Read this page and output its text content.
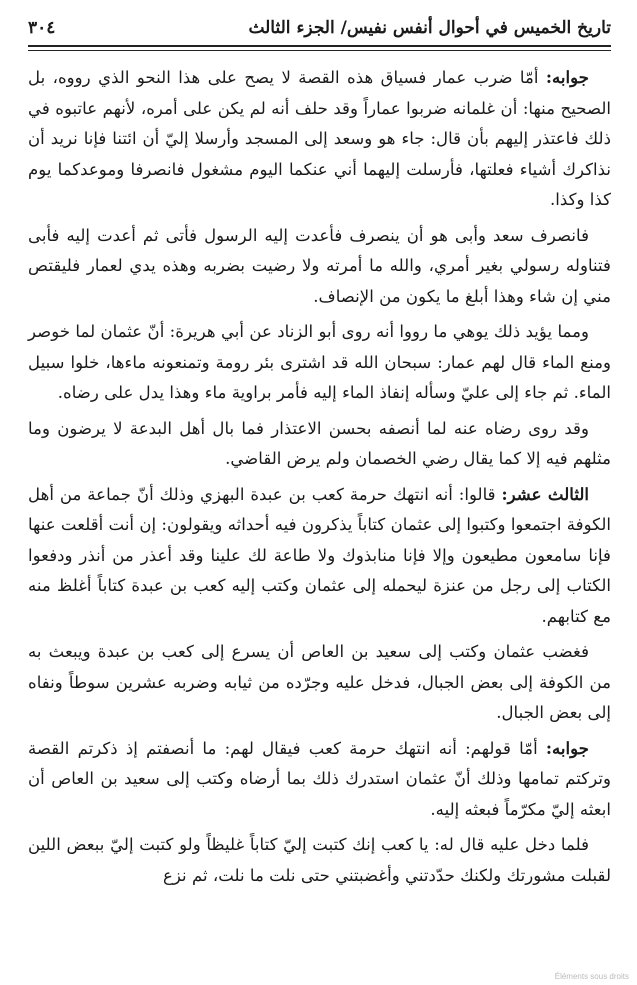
تاريخ الخميس في أحوال أنفس نفيس/ الجزء الثالث
٣٠٤

جوابه: أمّا ضرب عمار فسياق هذه القصة لا يصح على هذا النحو الذي رووه، بل الصحيح منها: أن غلمانه ضربوا عماراً وقد حلف أنه لم يكن على أمره، لأنهم عاتبوه في ذلك فاعتذر إليهم بأن قال: جاء هو وسعد إلى المسجد وأرسلا إليّ أن ائتنا فإنا نريد أن نذاكرك أشياء فعلتها، فأرسلت إليهما أني عنكما اليوم مشغول فانصرفا وموعدكما يوم كذا وكذا.

فانصرف سعد وأبى هو أن ينصرف فأعدت إليه الرسول فأتى ثم أعدت إليه فأبى فتناوله رسولي بغير أمري، والله ما أمرته ولا رضيت بضربه وهذه يدي لعمار فليقتص مني إن شاء وهذا أبلغ ما يكون من الإنصاف.

ومما يؤيد ذلك يوهي ما رووا أنه روى أبو الزناد عن أبي هريرة: أنّ عثمان لما خوصر ومنع الماء قال لهم عمار: سبحان الله قد اشترى بئر رومة وتمنعونه ماءها، خلوا سبيل الماء. ثم جاء إلى عليّ وسأله إنفاذ الماء إليه فأمر براوية ماء وهذا يدل على رضاه.

وقد روى رضاه عنه لما أنصفه بحسن الاعتذار فما بال أهل البدعة لا يرضون وما مثلهم فيه إلا كما يقال رضي الخصمان ولم يرض القاضي.

الثالث عشر: قالوا: أنه انتهك حرمة كعب بن عبدة البهزي وذلك أنّ جماعة من أهل الكوفة اجتمعوا وكتبوا إلى عثمان كتاباً يذكرون فيه أحداثه ويقولون: إن أنت أقلعت عنها فإنا سامعون مطيعون وإلا فإنا منابذوك ولا طاعة لك علينا وقد أعذر من أنذر ودفعوا الكتاب إلى رجل من عنزة ليحمله إلى عثمان وكتب إليه كعب بن عبدة كتاباً أغلظ منه مع كتابهم.

فغضب عثمان وكتب إلى سعيد بن العاص أن يسرع إلى كعب بن عبدة ويبعث به من الكوفة إلى بعض الجبال، فدخل عليه وجرّده من ثيابه وضربه عشرين سوطاً ونفاه إلى بعض الجبال.

جوابه: أمّا قولهم: أنه انتهك حرمة كعب فيقال لهم: ما أنصفتم إذ ذكرتم القصة وتركتم تمامها وذلك أنّ عثمان استدرك ذلك بما أرضاه وكتب إلى سعيد بن العاص أن ابعثه إليّ مكرّماً فبعثه إليه.

فلما دخل عليه قال له: يا كعب إنك كتبت إليّ كتاباً غليظاً ولو كتبت إليّ ببعض اللين لقبلت مشورتك ولكنك حدّدتني وأغضبتني حتى نلت ما نلت، ثم نزع

Éléments sous droits
